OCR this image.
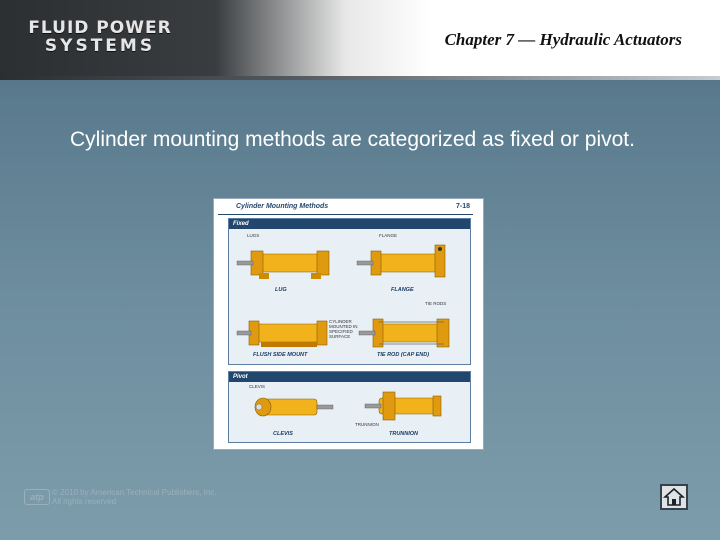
FLUID POWER
SYSTEMS	Chapter 7 — Hydraulic Actuators
Cylinder mounting methods are categorized as fixed or pivot.
Cylinder Mounting Methods	7-18
Fixed
LUGS	FLANGE
TIE RODS
CYLINDER MOUNTED IN SPECIFIED SURFACE
LUG	FLANGE
FLUSH SIDE MOUNT	TIE ROD (CAP END)
Pivot
CLEVIS
TRUNNION
CLEVIS	TRUNNION
atp	© 2010 by American Technical Publishers, Inc.
All rights reserved
